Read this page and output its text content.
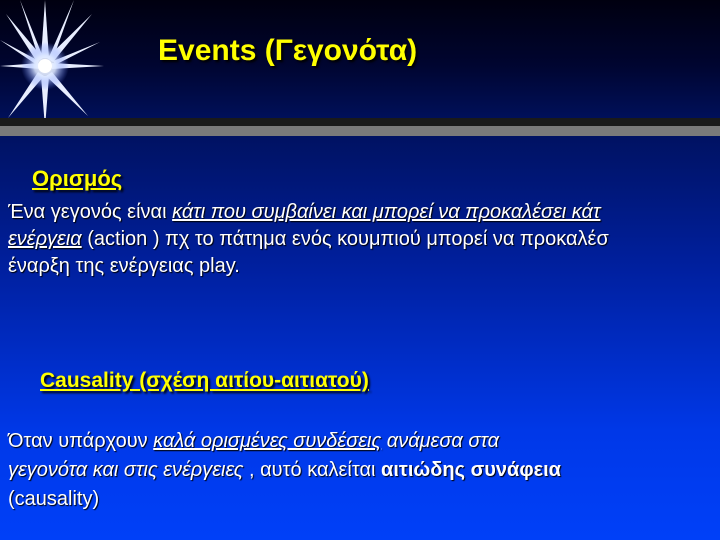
Events (Γεγονότα)
Ορισμός
Ένα γεγονός είναι κάτι που συμβαίνει και μπορεί να προκαλέσει κάτ
ενέργεια (action ) πχ το πάτημα ενός κουμπιού μπορεί να προκαλέσ
έναρξη της ενέργειας play.
Causality (σχέση αιτίου-αιτιατού)
Όταν υπάρχουν καλά ορισμένες συνδέσεις ανάμεσα στα
γεγονότα και στις ενέργειες , αυτό καλείται αιτιώδης συνάφεια
(causality)
